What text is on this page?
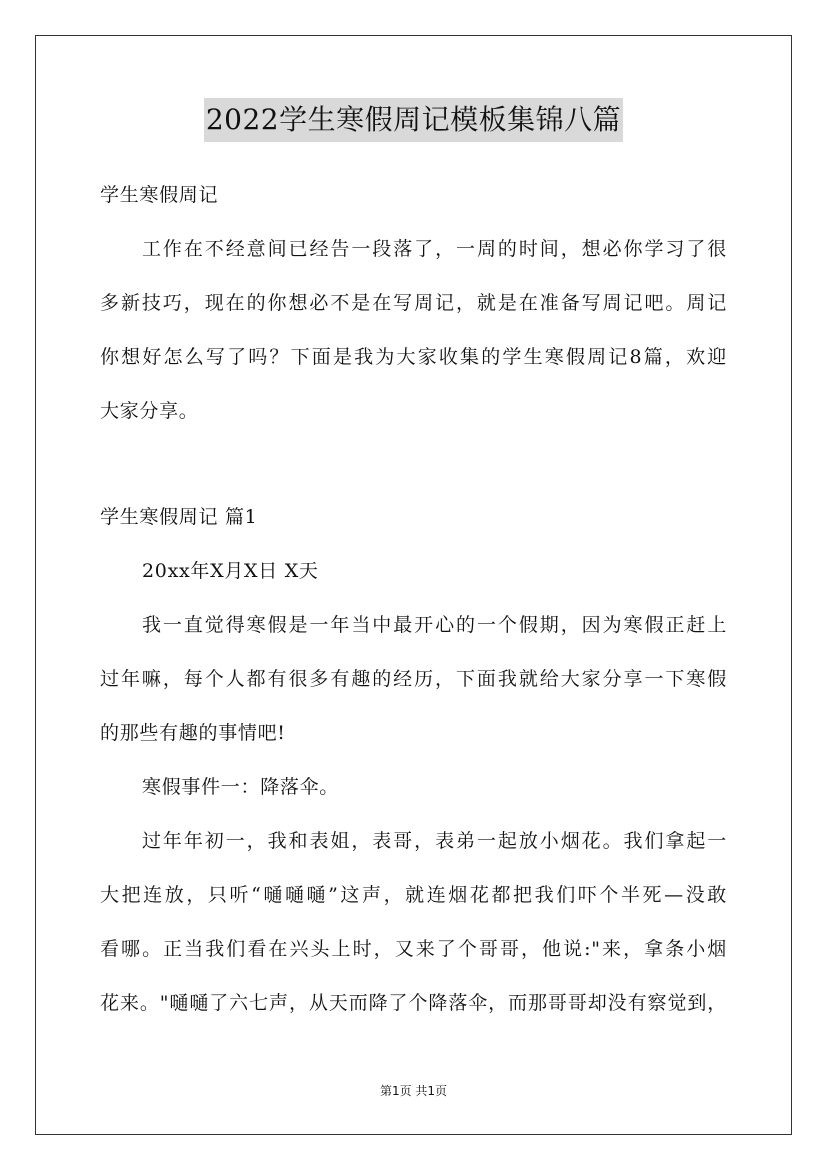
2022学生寒假周记模板集锦八篇

学生寒假周记

工作在不经意间已经告一段落了，一周的时间，想必你学习了很
多新技巧，现在的你想必不是在写周记，就是在准备写周记吧。周记
你想好怎么写了吗？下面是我为大家收集的学生寒假周记8篇，欢迎
大家分享。

学生寒假周记 篇1

20xx年X月X日 X天

我一直觉得寒假是一年当中最开心的一个假期，因为寒假正赶上
过年嘛，每个人都有很多有趣的经历，下面我就给大家分享一下寒假
的那些有趣的事情吧!

寒假事件一：降落伞。

过年年初一，我和表姐，表哥，表弟一起放小烟花。我们拿起一
大把连放，只听“嗵嗵嗵”这声，就连烟花都把我们吓个半死—没敢
看哪。正当我们看在兴头上时，又来了个哥哥，他说:"来，拿条小烟
花来。"嗵嗵了六七声，从天而降了个降落伞，而那哥哥却没有察觉到，
第1页 共1页
